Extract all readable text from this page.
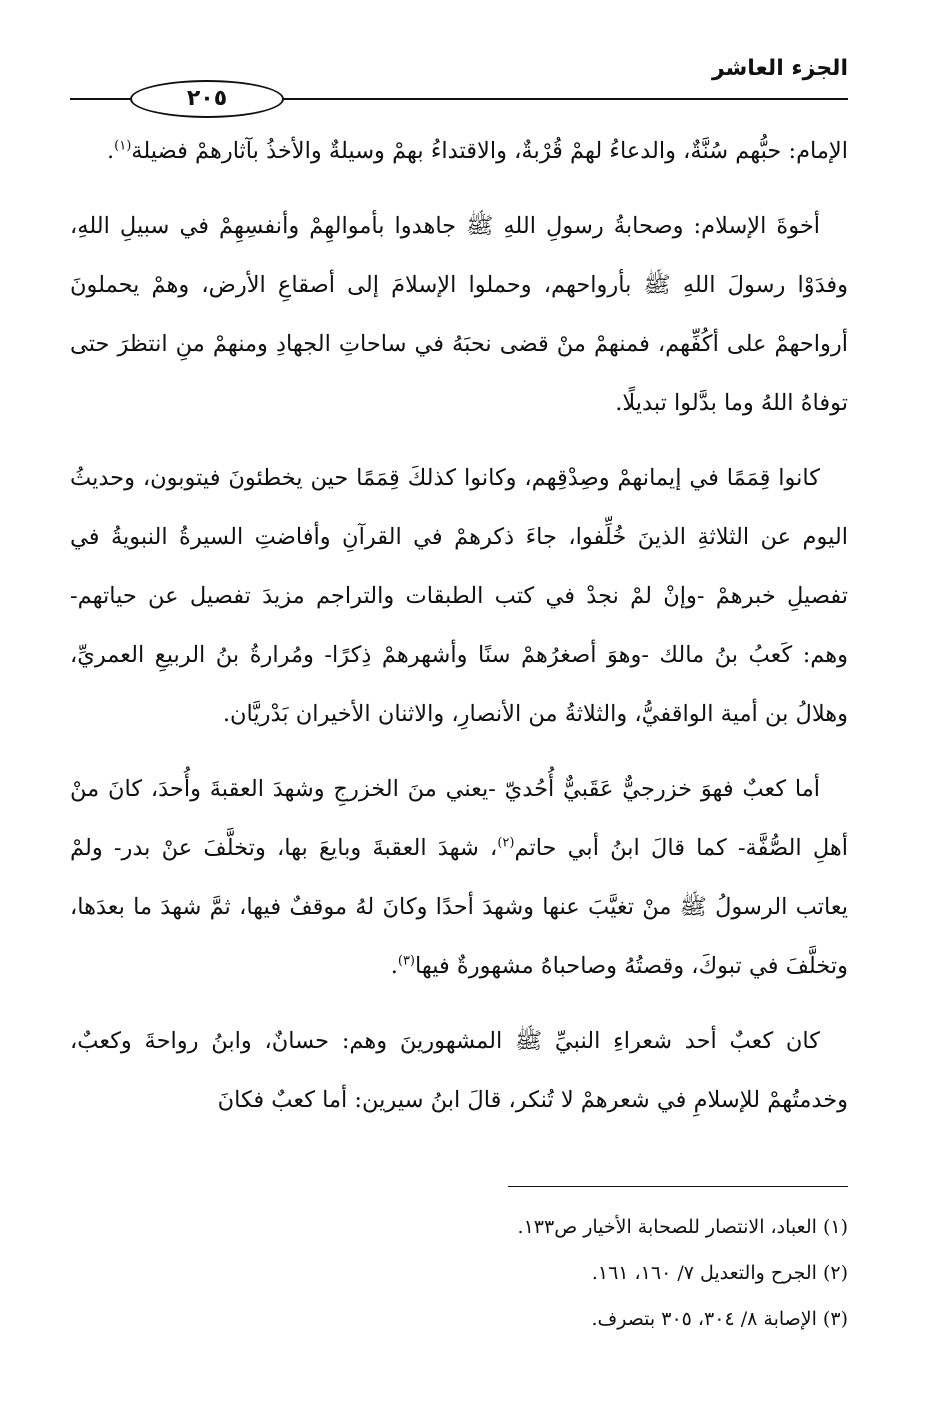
الجزء العاشر
٢٠٥

الإمام: حبُّهم سُنَّةٌ، والدعاءُ لهمْ قُرْبةٌ، والاقتداءُ بهمْ وسيلةٌ والأخذُ بآثارهمْ فضيلة$^{(١)}$.

أخوةَ الإسلام: وصحابةُ رسولِ اللهِ ﷺ جاهدوا بأموالهِمْ وأنفسِهِمْ في سبيلِ اللهِ، وفدَوْا رسولَ اللهِ ﷺ بأرواحهم، وحملوا الإسلامَ إلى أصقاعِ الأرض، وهمْ يحملونَ أرواحهمْ على أكُفِّهم، فمنهمْ منْ قضى نحبَهُ في ساحاتِ الجهادِ ومنهمْ منِ انتظرَ حتى توفاهُ اللهُ وما بدَّلوا تبديلًا.

كانوا قِمَمًا في إيمانهمْ وصِدْقِهم، وكانوا كذلكَ قِمَمًا حين يخطئونَ فيتوبون، وحديثُ اليوم عن الثلاثةِ الذينَ خُلِّفوا، جاءَ ذكرهمْ في القرآنِ وأفاضتِ السيرةُ النبويةُ في تفصيلِ خبرهمْ -وإنْ لمْ نجدْ في كتب الطبقات والتراجم مزيدَ تفصيل عن حياتهم- وهم: كَعبُ بنُ مالك -وهوَ أصغرُهمْ سنًا وأشهرهمْ ذِكرًا- ومُرارةُ بنُ الربيعِ العمريِّ، وهلالُ بن أمية الواقفيُّ، والثلاثةُ من الأنصارِ، والاثنان الأخيران بَدْريَّان.

أما كعبٌ فهوَ خزرجيٌّ عَقَبيٌّ أُحُديّ -يعني منَ الخزرجِ وشهدَ العقبةَ وأُحدَ، كانَ منْ أهلِ الصُّفَّة- كما قالَ ابنُ أبي حاتم$^{(٢)}$، شهدَ العقبةَ وبايعَ بها، وتخلَّفَ عنْ بدر- ولمْ يعاتب الرسولُ ﷺ منْ تغيَّبَ عنها وشهدَ أحدًا وكانَ لهُ موقفٌ فيها، ثمَّ شهدَ ما بعدَها، وتخلَّفَ في تبوكَ، وقصتُهُ وصاحباهُ مشهورةٌ فيها$^{(٣)}$.

كان كعبٌ أحد شعراءِ النبيِّ ﷺ المشهورينَ وهم: حسانٌ، وابنُ رواحةَ وكعبٌ، وخدمتُهمْ للإسلامِ في شعرهمْ لا تُنكر، قالَ ابنُ سيرين: أما كعبٌ فكانَ

(١) العباد، الانتصار للصحابة الأخيار ص١٣٣.
(٢) الجرح والتعديل ٧/ ١٦٠، ١٦١.
(٣) الإصابة ٨/ ٣٠٤، ٣٠٥ بتصرف.
